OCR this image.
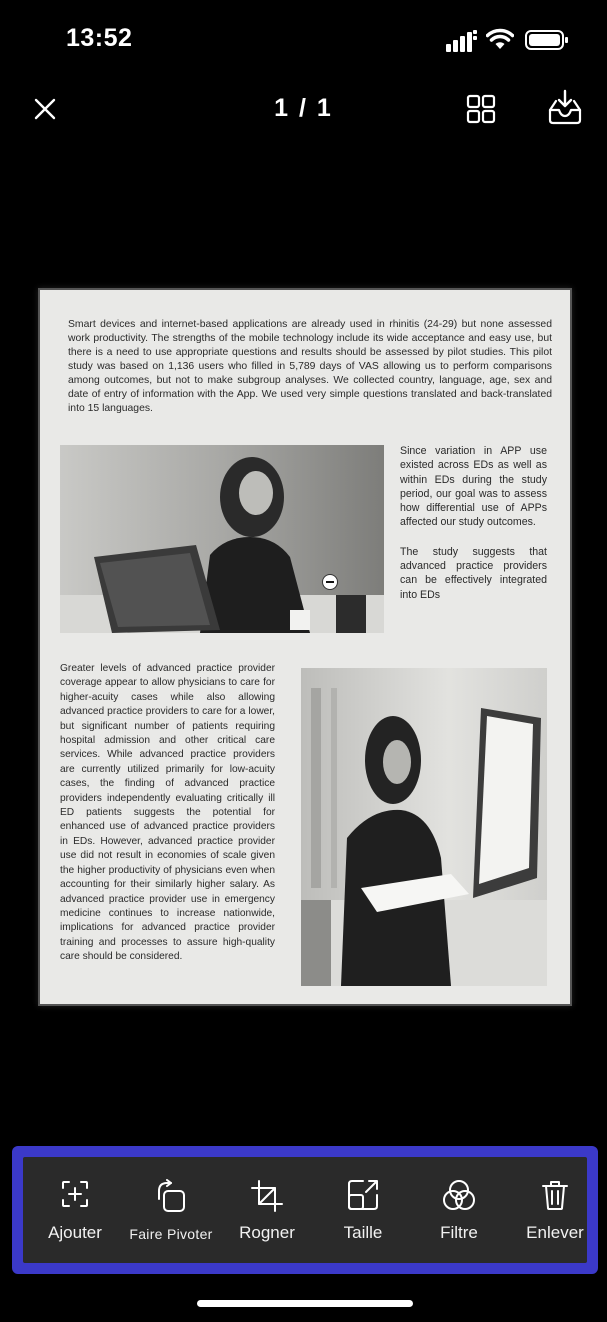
13:52
1 / 1
Smart devices and internet-based applications are already used in rhinitis (24-29) but none assessed work productivity. The strengths of the mobile technology include its wide acceptance and easy use, but there is a need to use appropriate questions and results should be assessed by pilot studies. This pilot study was based on 1,136 users who filled in 5,789 days of VAS allowing us to perform comparisons among outcomes, but not to make subgroup analyses. We collected country, language, age, sex and date of entry of information with the App. We used very simple questions translated and back-translated into 15 languages.

Since variation in APP use existed across EDs as well as within EDs during the study period, our goal was to assess how differential use of APPs affected our study outcomes.

The study suggests that advanced practice providers can be effectively integrated into EDs

Greater levels of advanced practice provider coverage appear to allow physicians to care for higher-acuity cases while also allowing advanced practice providers to care for a lower, but significant number of patients requiring hospital admission and other critical care services. While advanced practice providers are currently utilized primarily for low-acuity cases, the finding of advanced practice providers independently evaluating critically ill ED patients suggests the potential for enhanced use of advanced practice providers in EDs. However, advanced practice provider use did not result in economies of scale given the higher productivity of physicians even when accounting for their similarly higher salary. As advanced practice provider use in emergency medicine continues to increase nationwide, implications for advanced practice provider training and processes to assure high-quality care should be considered.
Ajouter	Faire Pivoter	Rogner	Taille	Filtre	Enlever
